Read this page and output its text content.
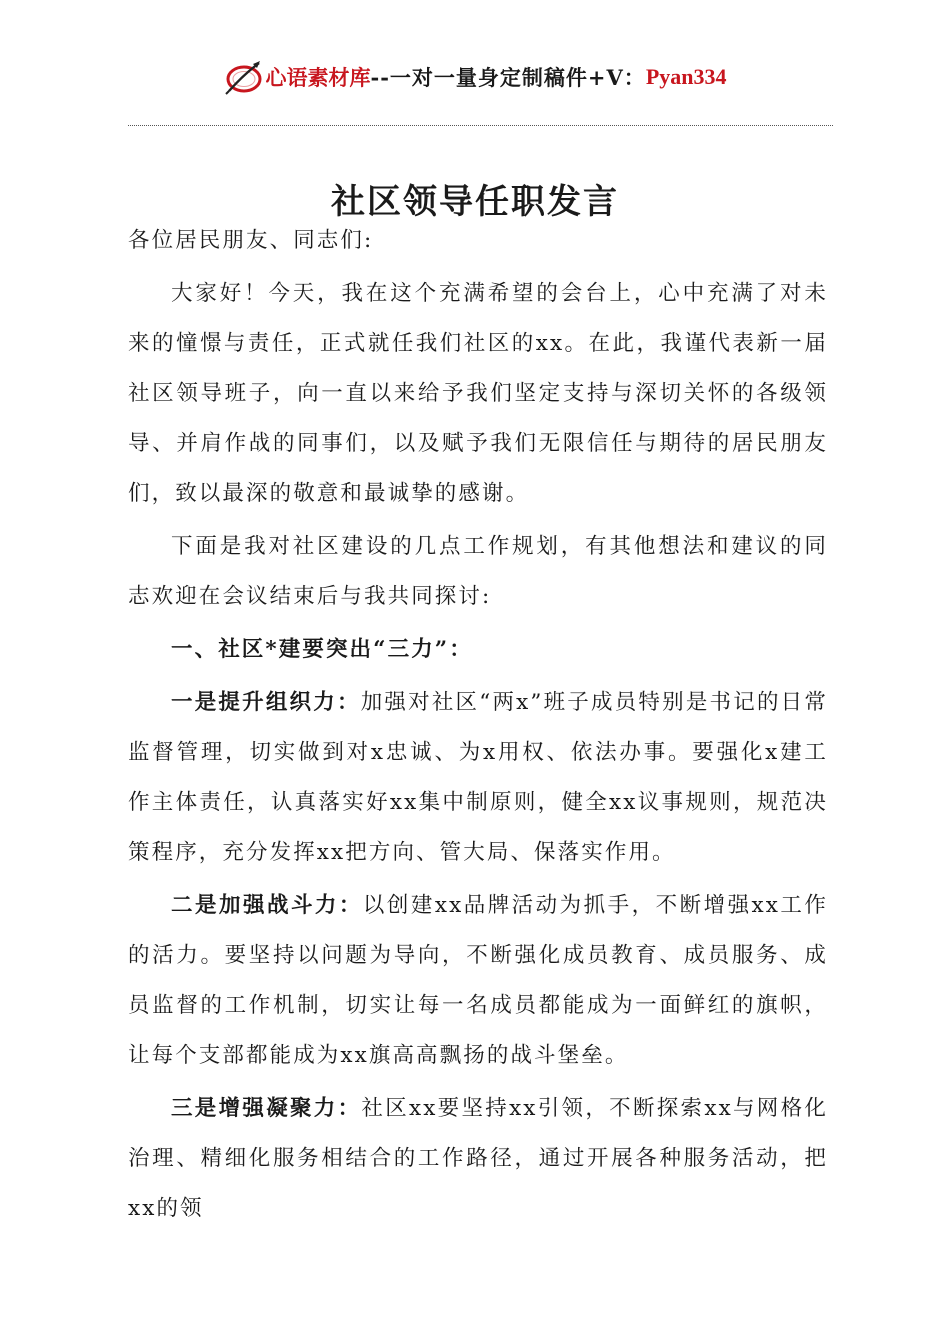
心语素材库--一对一量身定制稿件+V：Pyan334
社区领导任职发言

各位居民朋友、同志们:

大家好！今天，我在这个充满希望的会台上，心中充满了对未来的憧憬与责任，正式就任我们社区的xx。在此，我谨代表新一届社区领导班子，向一直以来给予我们坚定支持与深切关怀的各级领导、并肩作战的同事们，以及赋予我们无限信任与期待的居民朋友们，致以最深的敬意和最诚挚的感谢。

下面是我对社区建设的几点工作规划，有其他想法和建议的同志欢迎在会议结束后与我共同探讨:

一、社区*建要突出“三力”：

一是提升组织力：加强对社区“两x”班子成员特别是书记的日常监督管理，切实做到对x忠诚、为x用权、依法办事。要强化x建工作主体责任，认真落实好xx集中制原则，健全xx议事规则，规范决策程序，充分发挥xx把方向、管大局、保落实作用。

二是加强战斗力：以创建xx品牌活动为抓手，不断增强xx工作的活力。要坚持以问题为导向，不断强化成员教育、成员服务、成员监督的工作机制，切实让每一名成员都能成为一面鲜红的旗帜，让每个支部都能成为xx旗高高飘扬的战斗堡垒。

三是增强凝聚力：社区xx要坚持xx引领，不断探索xx与网格化治理、精细化服务相结合的工作路径，通过开展各种服务活动，把xx的领
